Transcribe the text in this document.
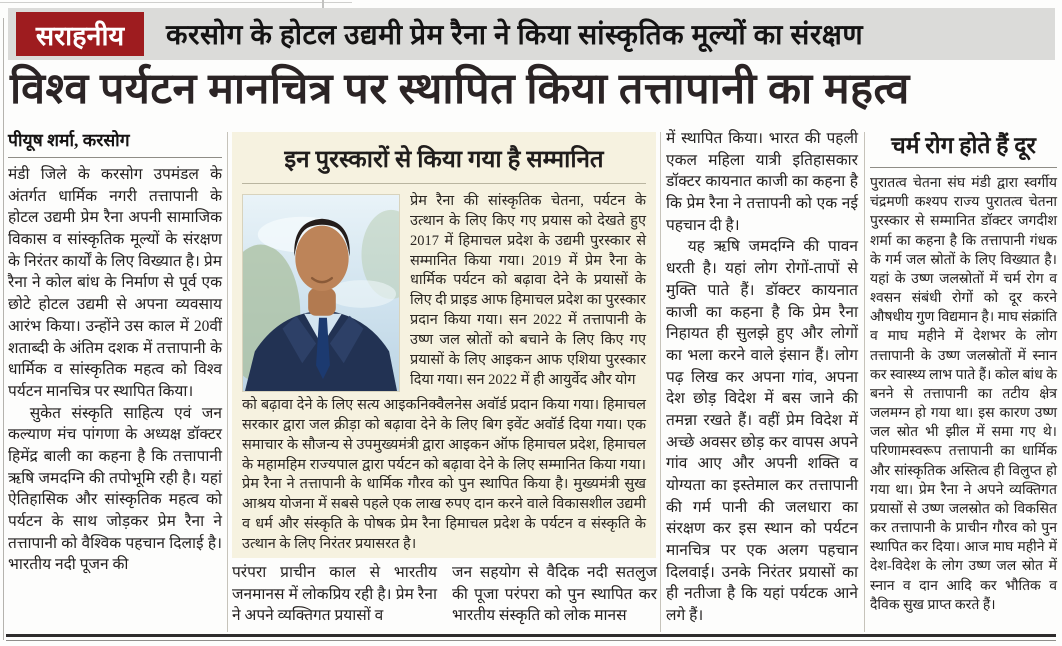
सराहनीय	करसोग के होटल उद्यमी प्रेम रैना ने किया सांस्कृतिक मूल्यों का संरक्षण
विश्व पर्यटन मानचित्र पर स्थापित किया तत्तापानी का महत्व
पीयूष शर्मा, करसोग

मंडी जिले के करसोग उपमंडल के अंतर्गत धार्मिक नगरी तत्तापानी के होटल उद्यमी प्रेम रैना अपनी सामाजिक विकास व सांस्कृतिक मूल्यों के संरक्षण के निरंतर कार्यों के लिए विख्यात है। प्रेम रैना ने कोल बांध के निर्माण से पूर्व एक छोटे होटल उद्यमी से अपना व्यवसाय आरंभ किया। उन्होंने उस काल में 20वीं शताब्दी के अंतिम दशक में तत्तापानी के धार्मिक व सांस्कृतिक महत्व को विश्व पर्यटन मानचित्र पर स्थापित किया।

सुकेत संस्कृति साहित्य एवं जन कल्याण मंच पांगणा के अध्यक्ष डॉक्टर हिमेंद्र बाली का कहना है कि तत्तापानी ऋषि जमदग्नि की तपोभूमि रही है। यहां ऐतिहासिक और सांस्कृतिक महत्व को पर्यटन के साथ जोड़कर प्रेम रैना ने तत्तापानी को वैश्विक पहचान दिलाई है। भारतीय नदी पूजन की

इन पुरस्कारों से किया गया है सम्मानित

प्रेम रैना की सांस्कृतिक चेतना, पर्यटन के उत्थान के लिए किए गए प्रयास को देखते हुए 2017 में हिमाचल प्रदेश के उद्यमी पुरस्कार से सम्मानित किया गया। 2019 में प्रेम रैना के धार्मिक पर्यटन को बढ़ावा देने के प्रयासों के लिए दी प्राइड आफ हिमाचल प्रदेश का पुरस्कार प्रदान किया गया। सन 2022 में तत्तापानी के उष्ण जल स्रोतों को बचाने के लिए किए गए प्रयासों के लिए आइकन आफ एशिया पुरस्कार दिया गया। सन 2022 में ही आयुर्वेद और योग

को बढ़ावा देने के लिए सत्य आइकनिक्वैलनेस अवॉर्ड प्रदान किया गया। हिमाचल सरकार द्वारा जल क्रीड़ा को बढ़ावा देने के लिए बिग इवेंट अवॉर्ड दिया गया। एक समाचार के सौजन्य से उपमुख्यमंत्री द्वारा आइकन ऑफ हिमाचल प्रदेश, हिमाचल के महामहिम राज्यपाल द्वारा पर्यटन को बढ़ावा देने के लिए सम्मानित किया गया। प्रेम रैना ने तत्तापानी के धार्मिक गौरव को पुन स्थापित किया है। मुख्यमंत्री सुख आश्रय योजना में सबसे पहले एक लाख रुपए दान करने वाले विकासशील उद्यमी व धर्म और संस्कृति के पोषक प्रेम रैना हिमाचल प्रदेश के पर्यटन व संस्कृति के उत्थान के लिए निरंतर प्रयासरत है।

परंपरा प्राचीन काल से भारतीय जनमानस में लोकप्रिय रही है। प्रेम रैना ने अपने व्यक्तिगत प्रयासों व
जन सहयोग से वैदिक नदी सतलुज की पूजा परंपरा को पुन स्थापित कर भारतीय संस्कृति को लोक मानस

में स्थापित किया। भारत की पहली एकल महिला यात्री इतिहासकार डॉक्टर कायनात काजी का कहना है कि प्रेम रैना ने तत्तापनी को एक नई पहचान दी है।

यह ऋषि जमदग्नि की पावन धरती है। यहां लोग रोगों-तापों से मुक्ति पाते हैं। डॉक्टर कायनात काजी का कहना है कि प्रेम रैना निहायत ही सुलझे हुए और लोगों का भला करने वाले इंसान हैं। लोग पढ़ लिख कर अपना गांव, अपना देश छोड़ विदेश में बस जाने की तमन्ना रखते हैं। वहीं प्रेम विदेश में अच्छे अवसर छोड़ कर वापस अपने गांव आए और अपनी शक्ति व योग्यता का इस्तेमाल कर तत्तापानी की गर्म पानी की जलधारा का संरक्षण कर इस स्थान को पर्यटन मानचित्र पर एक अलग पहचान दिलवाई। उनके निरंतर प्रयासों का ही नतीजा है कि यहां पर्यटक आने लगे हैं।

चर्म रोग होते हैं दूर

पुरातत्व चेतना संघ मंडी द्वारा स्वर्गीय चंद्रमणी कश्यप राज्य पुरातत्व चेतना पुरस्कार से सम्मानित डॉक्टर जगदीश शर्मा का कहना है कि तत्तापानी गंधक के गर्म जल स्रोतों के लिए विख्यात है। यहां के उष्ण जलस्रोतों में चर्म रोग व श्वसन संबंधी रोगों को दूर करने औषधीय गुण विद्यमान है। माघ संक्रांति व माघ महीने में देशभर के लोग तत्तापानी के उष्ण जलस्रोतों में स्नान कर स्वास्थ्य लाभ पाते हैं। कोल बांध के बनने से तत्तापानी का तटीय क्षेत्र जलमग्न हो गया था। इस कारण उष्ण जल स्रोत भी झील में समा गए थे। परिणामस्वरूप तत्तापानी का धार्मिक और सांस्कृतिक अस्तित्व ही विलुप्त हो गया था। प्रेम रैना ने अपने व्यक्तिगत प्रयासों से उष्ण जलस्रोत को विकसित कर तत्तापानी के प्राचीन गौरव को पुन स्थापित कर दिया। आज माघ महीने में देश-विदेश के लोग उष्ण जल स्रोत में स्नान व दान आदि कर भौतिक व दैविक सुख प्राप्त करते हैं।
